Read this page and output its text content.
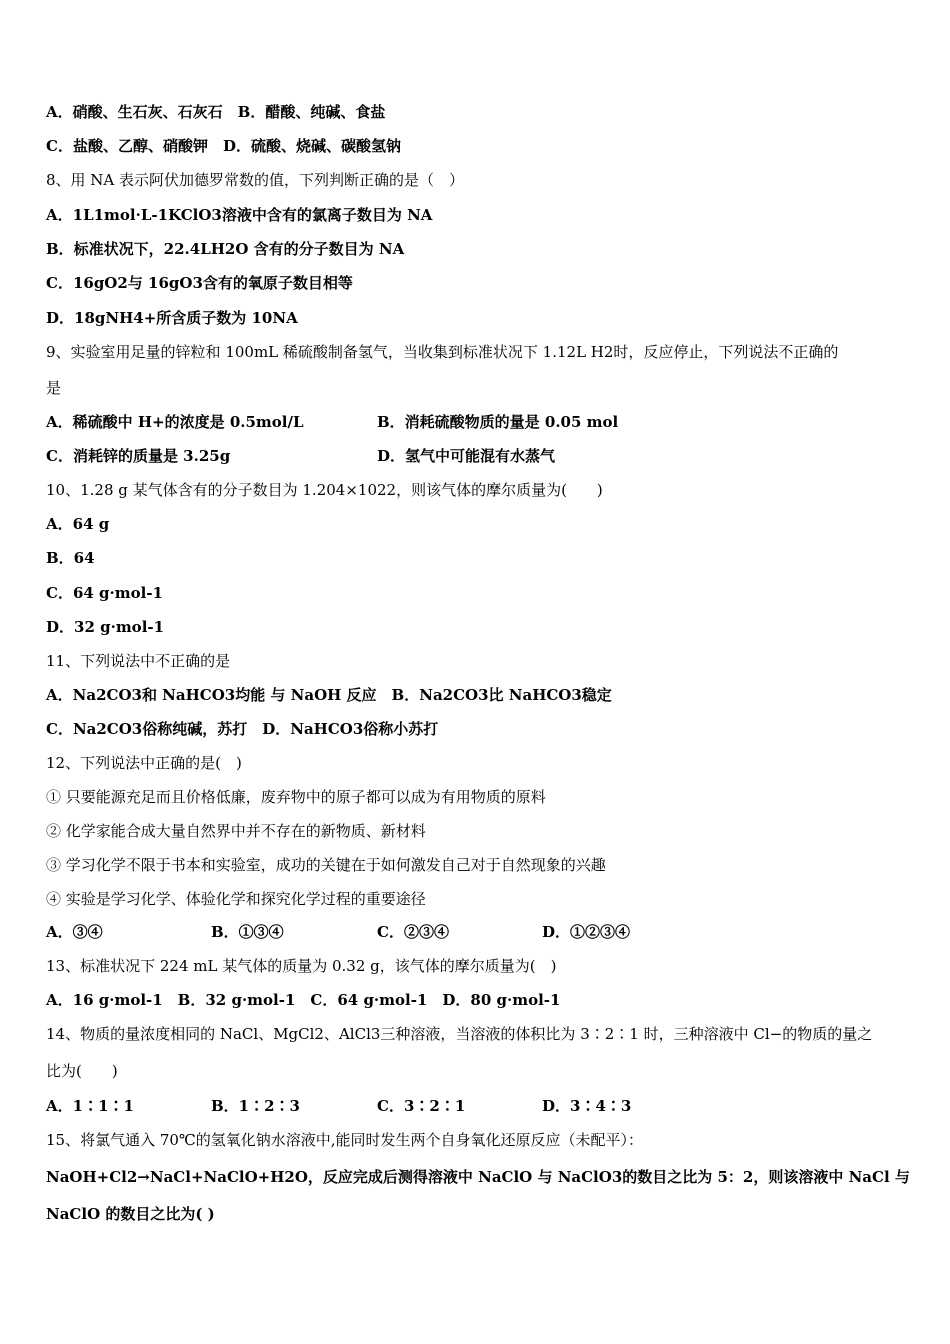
A．硝酸、生石灰、石灰石　B．醋酸、纯碱、食盐
C．盐酸、乙醇、硝酸钾　D．硫酸、烧碱、碳酸氢钠
8、用 NA 表示阿伏加德罗常数的值，下列判断正确的是（　）
A．1L1mol·L-1KClO3溶液中含有的氯离子数目为 NA
B．标准状况下，22.4LH2O 含有的分子数目为 NA
C．16gO2与 16gO3含有的氧原子数目相等
D．18gNH4+所含质子数为 10NA
9、实验室用足量的锌粒和 100mL 稀硫酸制备氢气，当收集到标准状况下 1.12L H2时，反应停止，下列说法不正确的
是
A．稀硫酸中 H+的浓度是 0.5mol/L	B．消耗硫酸物质的量是 0.05 mol
C．消耗锌的质量是 3.25g	D．氢气中可能混有水蒸气
10、1.28 g 某气体含有的分子数目为 1.204×1022，则该气体的摩尔质量为(　　)
A．64 g
B．64
C．64 g·mol-1
D．32 g·mol-1
11、下列说法中不正确的是
A．Na2CO3和 NaHCO3均能 与 NaOH 反应　B．Na2CO3比 NaHCO3稳定
C．Na2CO3俗称纯碱，苏打　D．NaHCO3俗称小苏打
12、下列说法中正确的是(　)
① 只要能源充足而且价格低廉，废弃物中的原子都可以成为有用物质的原料
② 化学家能合成大量自然界中并不存在的新物质、新材料
③ 学习化学不限于书本和实验室，成功的关键在于如何激发自己对于自然现象的兴趣
④ 实验是学习化学、体验化学和探究化学过程的重要途径
A．③④	B．①③④	C．②③④	D．①②③④
13、标准状况下 224 mL 某气体的质量为 0.32 g，该气体的摩尔质量为(　)
A．16 g·mol-1　B．32 g·mol-1　C．64 g·mol-1　D．80 g·mol-1
14、物质的量浓度相同的 NaCl、MgCl2、AlCl3三种溶液，当溶液的体积比为 3∶2∶1 时，三种溶液中 Cl−的物质的量之
比为(　　)
A．1∶1∶1	B．1∶2∶3	C．3∶2∶1	D．3∶4∶3
15、将氯气通入 70℃的氢氧化钠水溶液中,能同时发生两个自身氧化还原反应（未配平）：
NaOH+Cl2→NaCl+NaClO+H2O，反应完成后测得溶液中 NaClO 与 NaClO3的数目之比为 5：2，则该溶液中 NaCl 与
NaClO 的数目之比为( )
